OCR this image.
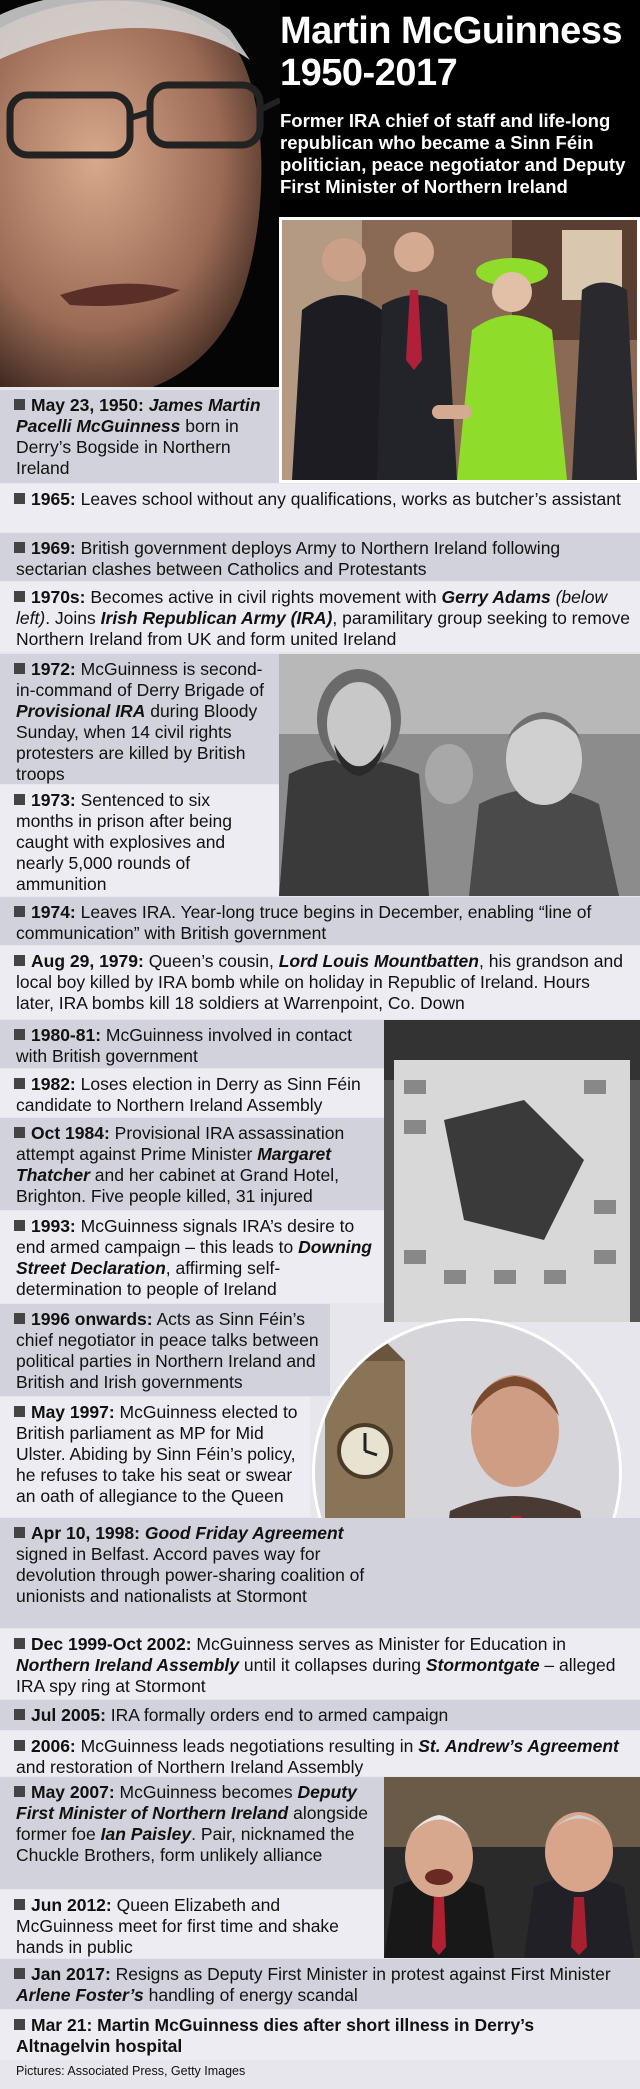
Martin McGuinness
1950-2017

Former IRA chief of staff and life-long republican who became a Sinn Féin politician, peace negotiator and Deputy First Minister of Northern Ireland

May 23, 1950: James Martin Pacelli McGuinness born in Derry’s Bogside in Northern Ireland
1965: Leaves school without any qualifications, works as butcher’s assistant
1969: British government deploys Army to Northern Ireland following sectarian clashes between Catholics and Protestants
1970s: Becomes active in civil rights movement with Gerry Adams (below left). Joins Irish Republican Army (IRA), paramilitary group seeking to remove Northern Ireland from UK and form united Ireland
1972: McGuinness is second-in-command of Derry Brigade of Provisional IRA during Bloody Sunday, when 14 civil rights protesters are killed by British troops
1973: Sentenced to six months in prison after being caught with explosives and nearly 5,000 rounds of ammunition
1974: Leaves IRA. Year-long truce begins in December, enabling “line of communication” with British government
Aug 29, 1979: Queen’s cousin, Lord Louis Mountbatten, his grandson and local boy killed by IRA bomb while on holiday in Republic of Ireland. Hours later, IRA bombs kill 18 soldiers at Warrenpoint, Co. Down
1980-81: McGuinness involved in contact with British government
1982: Loses election in Derry as Sinn Féin candidate to Northern Ireland Assembly
Oct 1984: Provisional IRA assassination attempt against Prime Minister Margaret Thatcher and her cabinet at Grand Hotel, Brighton. Five people killed, 31 injured
1993: McGuinness signals IRA’s desire to end armed campaign – this leads to Downing Street Declaration, affirming self-determination to people of Ireland
1996 onwards: Acts as Sinn Féin’s chief negotiator in peace talks between political parties in Northern Ireland and British and Irish governments
May 1997: McGuinness elected to British parliament as MP for Mid Ulster. Abiding by Sinn Féin’s policy, he refuses to take his seat or swear an oath of allegiance to the Queen
Apr 10, 1998: Good Friday Agreement signed in Belfast. Accord paves way for devolution through power-sharing coalition of unionists and nationalists at Stormont
Dec 1999-Oct 2002: McGuinness serves as Minister for Education in Northern Ireland Assembly until it collapses during Stormontgate – alleged IRA spy ring at Stormont
Jul 2005: IRA formally orders end to armed campaign
2006: McGuinness leads negotiations resulting in St. Andrew’s Agreement and restoration of Northern Ireland Assembly
May 2007: McGuinness becomes Deputy First Minister of Northern Ireland alongside former foe Ian Paisley. Pair, nicknamed the Chuckle Brothers, form unlikely alliance
Jun 2012: Queen Elizabeth and McGuinness meet for first time and shake hands in public
Jan 2017: Resigns as Deputy First Minister in protest against First Minister Arlene Foster’s handling of energy scandal
Mar 21: Martin McGuinness dies after short illness in Derry’s Altnagelvin hospital
Pictures: Associated Press, Getty Images
